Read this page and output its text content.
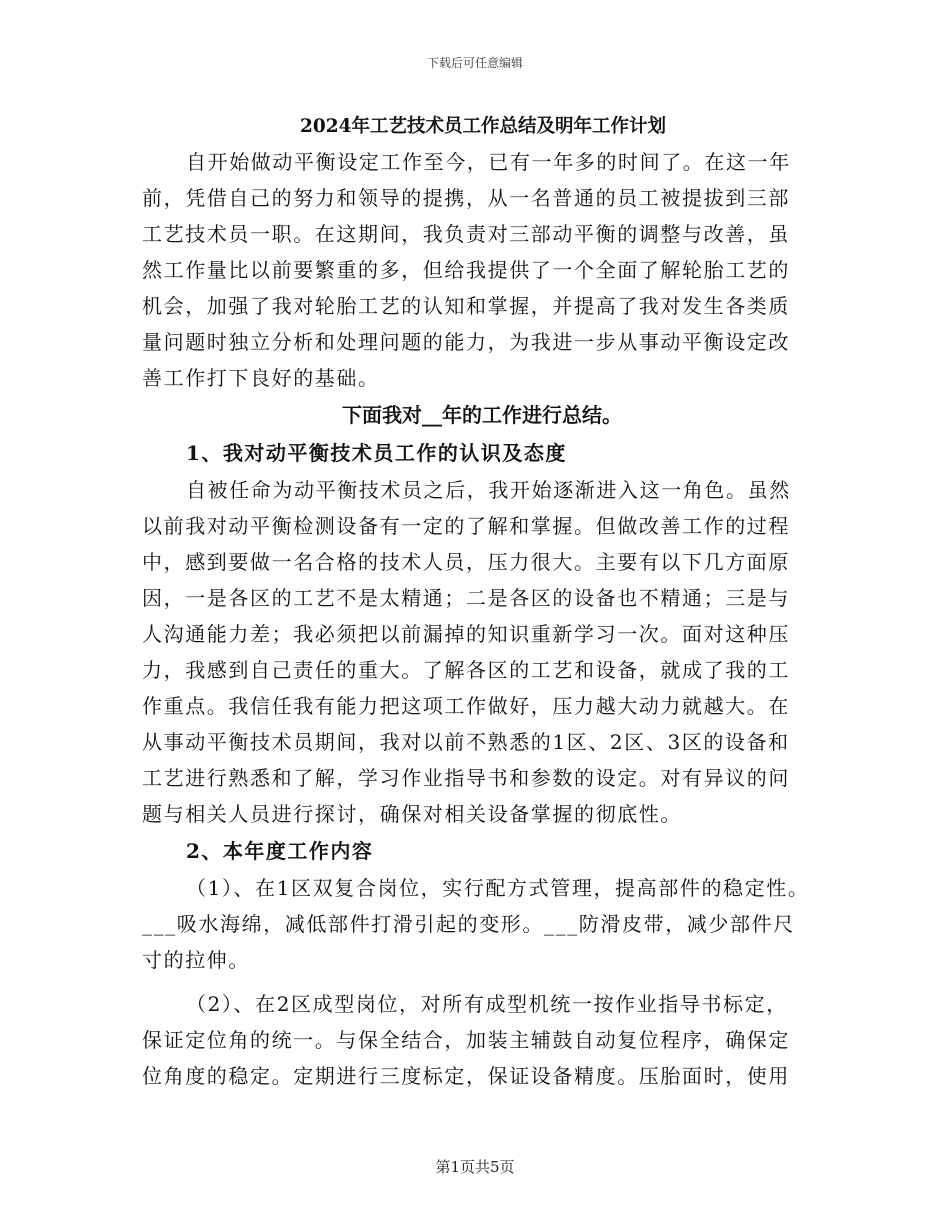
下载后可任意编辑

2024年工艺技术员工作总结及明年工作计划

自开始做动平衡设定工作至今，已有一年多的时间了。在这一年

前，凭借自己的努力和领导的提携，从一名普通的员工被提拔到三部

工艺技术员一职。在这期间，我负责对三部动平衡的调整与改善，虽

然工作量比以前要繁重的多，但给我提供了一个全面了解轮胎工艺的

机会，加强了我对轮胎工艺的认知和掌握，并提高了我对发生各类质

量问题时独立分析和处理问题的能力，为我进一步从事动平衡设定改

善工作打下良好的基础。

下面我对__年的工作进行总结。

1、我对动平衡技术员工作的认识及态度

自被任命为动平衡技术员之后，我开始逐渐进入这一角色。虽然

以前我对动平衡检测设备有一定的了解和掌握。但做改善工作的过程

中，感到要做一名合格的技术人员，压力很大。主要有以下几方面原

因，一是各区的工艺不是太精通；二是各区的设备也不精通；三是与

人沟通能力差；我必须把以前漏掉的知识重新学习一次。面对这种压

力，我感到自己责任的重大。了解各区的工艺和设备，就成了我的工

作重点。我信任我有能力把这项工作做好，压力越大动力就越大。在

从事动平衡技术员期间，我对以前不熟悉的1区、2区、3区的设备和

工艺进行熟悉和了解，学习作业指导书和参数的设定。对有异议的问

题与相关人员进行探讨，确保对相关设备掌握的彻底性。

2、本年度工作内容

（1）、在1区双复合岗位，实行配方式管理，提高部件的稳定性。

___吸水海绵，减低部件打滑引起的变形。___防滑皮带，减少部件尺

寸的拉伸。

（2）、在2区成型岗位，对所有成型机统一按作业指导书标定，

保证定位角的统一。与保全结合，加装主辅鼓自动复位程序，确保定

位角度的稳定。定期进行三度标定，保证设备精度。压胎面时，使用

第1页共5页
